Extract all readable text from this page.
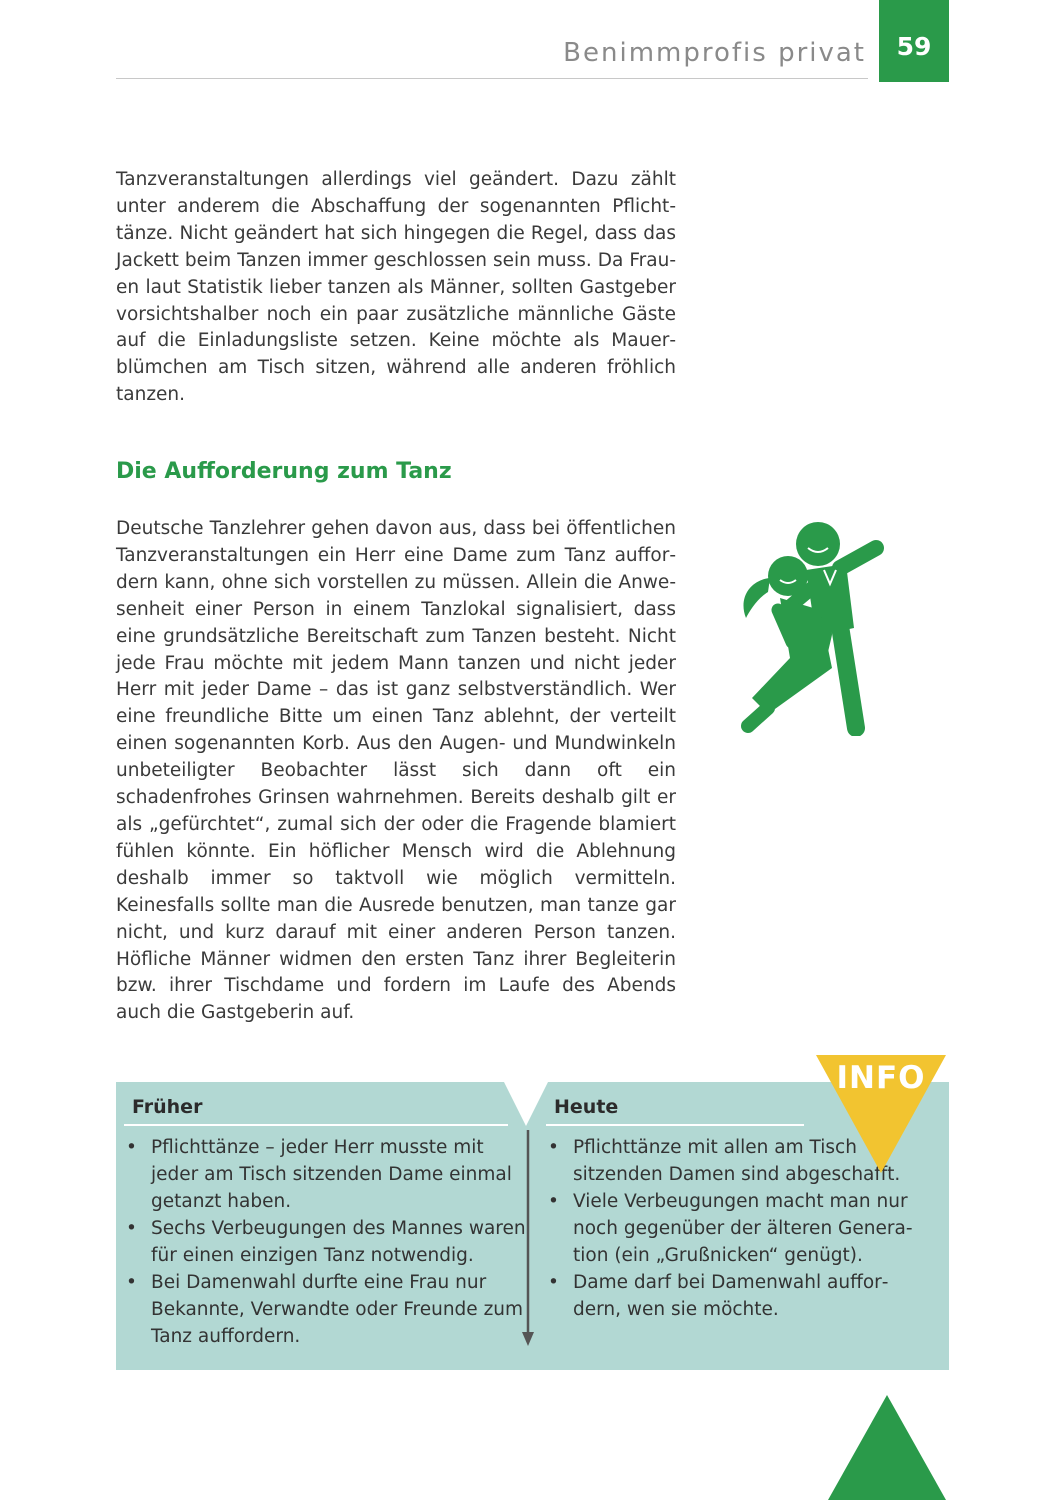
Benimmprofis privat	59

Tanzveranstaltungen allerdings viel geändert. Dazu zählt unter anderem die Abschaffung der sogenannten Pflichttänze. Nicht geändert hat sich hingegen die Regel, dass das Jackett beim Tanzen immer geschlossen sein muss. Da Frauen laut Statistik lieber tanzen als Männer, sollten Gastgeber vorsichtshalber noch ein paar zusätzliche männliche Gäste auf die Einladungsliste setzen. Keine möchte als Mauerblümchen am Tisch sitzen, während alle anderen fröhlich tanzen.

Die Aufforderung zum Tanz

Deutsche Tanzlehrer gehen davon aus, dass bei öffentlichen Tanzveranstaltungen ein Herr eine Dame zum Tanz auffordern kann, ohne sich vorstellen zu müssen. Allein die Anwesenheit einer Person in einem Tanzlokal signalisiert, dass eine grundsätzliche Bereitschaft zum Tanzen besteht. Nicht jede Frau möchte mit jedem Mann tanzen und nicht jeder Herr mit jeder Dame – das ist ganz selbstverständlich. Wer eine freundliche Bitte um einen Tanz ablehnt, der verteilt einen sogenannten Korb. Aus den Augen- und Mundwinkeln unbeteiligter Beobachter lässt sich dann oft ein schadenfrohes Grinsen wahrnehmen. Bereits deshalb gilt er als „gefürchtet“, zumal sich der oder die Fragende blamiert fühlen könnte. Ein höflicher Mensch wird die Ablehnung deshalb immer so taktvoll wie möglich vermitteln. Keinesfalls sollte man die Ausrede benutzen, man tanze gar nicht, und kurz darauf mit einer anderen Person tanzen. Höfliche Männer widmen den ersten Tanz ihrer Begleiterin bzw. ihrer Tischdame und fordern im Laufe des Abends auch die Gastgeberin auf.

Früher	Heute
• Pflichttänze – jeder Herr musste mit jeder am Tisch sitzenden Dame einmal getanzt haben.
• Sechs Verbeugungen des Mannes waren für einen einzigen Tanz notwendig.
• Bei Damenwahl durfte eine Frau nur Bekannte, Verwandte oder Freunde zum Tanz auffordern.
• Pflichttänze mit allen am Tisch sitzenden Damen sind abgeschafft.
• Viele Verbeugungen macht man nur noch gegenüber der älteren Generation (ein „Grußnicken“ genügt).
• Dame darf bei Damenwahl auffordern, wen sie möchte.
INFO
